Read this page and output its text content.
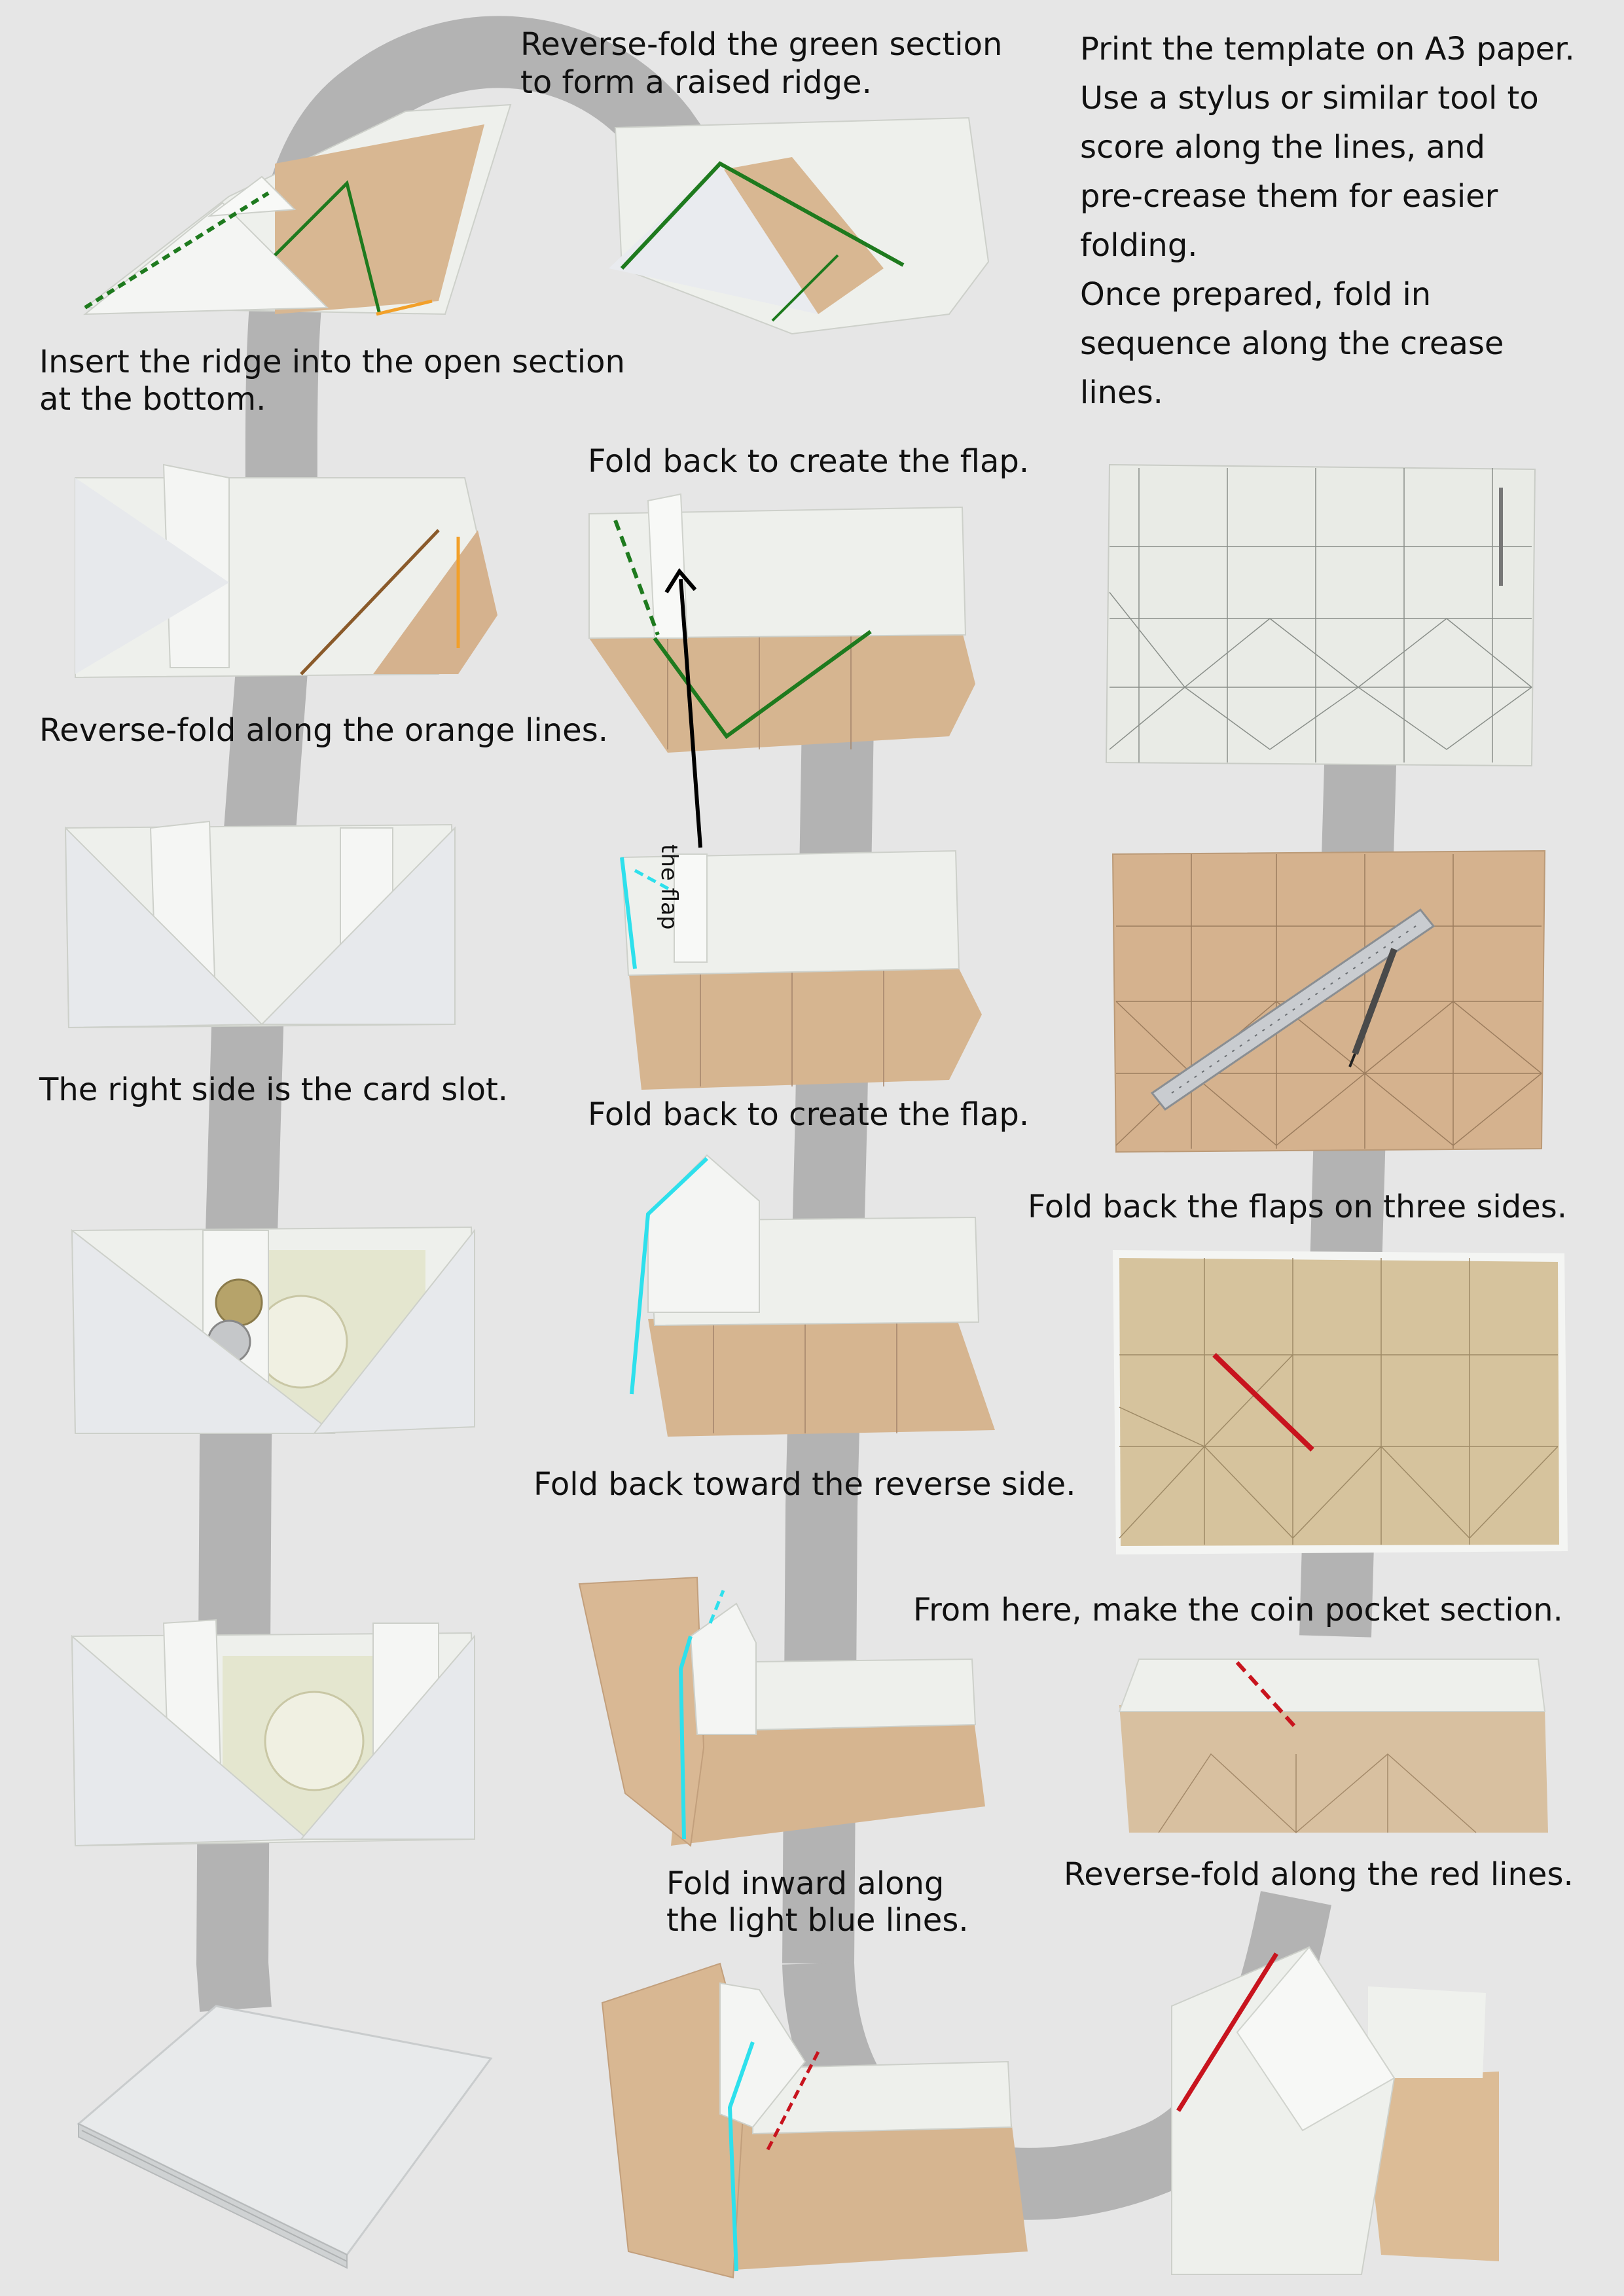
Print the template on A3 paper.

Use a stylus or similar tool to

score along the lines, and

pre-crease them for easier

folding.

Once prepared, fold in

sequence along the crease

lines.

Fold back the flaps on three sides.
From here, make the coin pocket section.
Reverse-fold along the red lines.
Reverse-fold the green section
to form a raised ridge.
Fold back to create the flap.
the flap
Fold back to create the flap.
Fold back toward the reverse side.
Fold inward along
the light blue lines.
Insert the ridge into the open section
at the bottom.
Reverse-fold along the orange lines.
The right side is the card slot.
